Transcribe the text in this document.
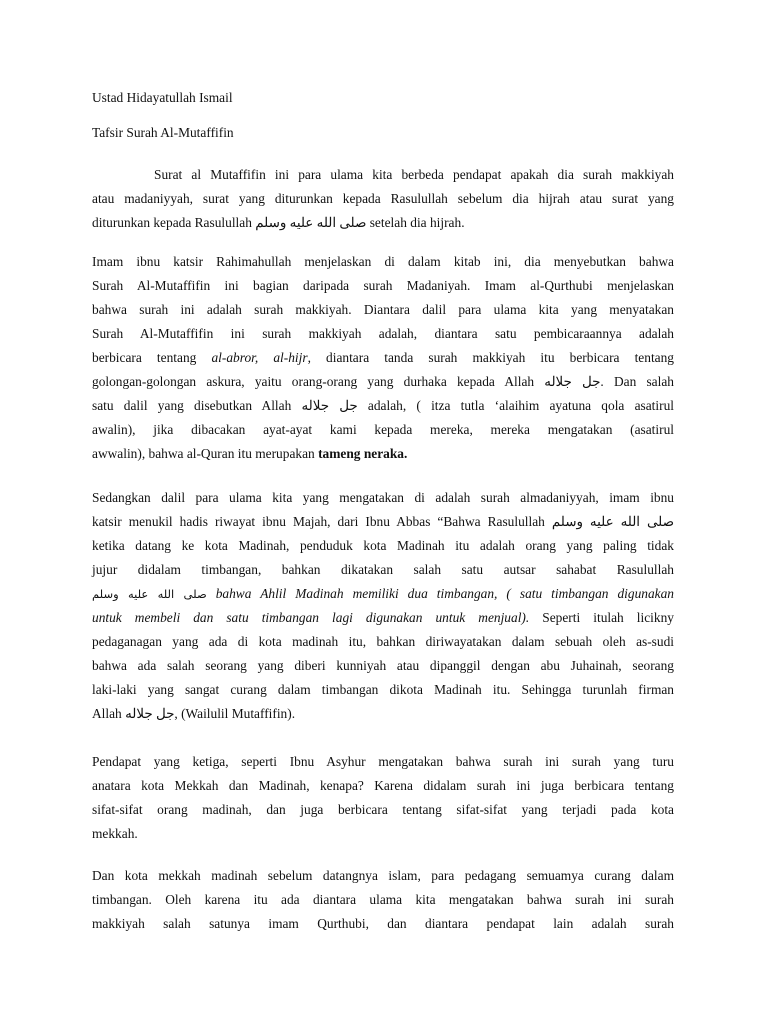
Ustad Hidayatullah Ismail
Tafsir Surah Al-Mutaffifin
Surat al Mutaffifin ini para ulama kita berbeda pendapat apakah dia surah makkiyah
atau madaniyyah, surat yang diturunkan kepada Rasulullah sebelum dia hijrah atau surat yang
diturunkan kepada Rasulullah صلى الله عليه وسلم setelah dia hijrah.
Imam ibnu katsir Rahimahullah menjelaskan di dalam kitab ini, dia menyebutkan bahwa
Surah Al-Mutaffifin ini bagian daripada surah Madaniyah. Imam al-Qurthubi menjelaskan
bahwa surah ini adalah surah makkiyah. Diantara dalil para ulama kita yang menyatakan
Surah Al-Mutaffifin ini surah makkiyah adalah, diantara satu pembicaraannya adalah
berbicara tentang al-abror, al-hijr, diantara tanda surah makkiyah itu berbicara tentang
golongan-golongan askura, yaitu orang-orang yang durhaka kepada Allah جل جلاله. Dan salah
satu dalil yang disebutkan Allah جل جلاله adalah, ( itza tutla ‘alaihim ayatuna qola asatirul
awalin), jika dibacakan ayat-ayat kami kepada mereka, mereka mengatakan (asatirul
awwalin), bahwa al-Quran itu merupakan tameng neraka.
Sedangkan dalil para ulama kita yang mengatakan di adalah surah almadaniyyah, imam ibnu
katsir menukil hadis riwayat ibnu Majah, dari Ibnu Abbas “Bahwa Rasulullah صلى الله عليه وسلم
ketika datang ke kota Madinah, penduduk kota Madinah itu adalah orang yang paling tidak
jujur didalam timbangan, bahkan dikatakan salah satu autsar sahabat Rasulullah
صلى الله عليه وسلم bahwa Ahlil Madinah memiliki dua timbangan, ( satu timbangan digunakan
untuk membeli dan satu timbangan lagi digunakan untuk menjual). Seperti itulah licikny
pedaganagan yang ada di kota madinah itu, bahkan diriwayatakan dalam sebuah oleh as-sudi
bahwa ada salah seorang yang diberi kunniyah atau dipanggil dengan abu Juhainah, seorang
laki-laki yang sangat curang dalam timbangan dikota Madinah itu. Sehingga turunlah firman
Allah جل جلاله, (Wailulil Mutaffifin).
Pendapat yang ketiga, seperti Ibnu Asyhur mengatakan bahwa surah ini surah yang turu
anatara kota Mekkah dan Madinah, kenapa? Karena didalam surah ini juga berbicara tentang
sifat-sifat orang madinah, dan juga berbicara tentang sifat-sifat yang terjadi pada kota
mekkah.
Dan kota mekkah madinah sebelum datangnya islam, para pedagang semuamya curang dalam
timbangan. Oleh karena itu ada diantara ulama kita mengatakan bahwa surah ini surah
makkiyah salah satunya imam Qurthubi, dan diantara pendapat lain adalah surah
